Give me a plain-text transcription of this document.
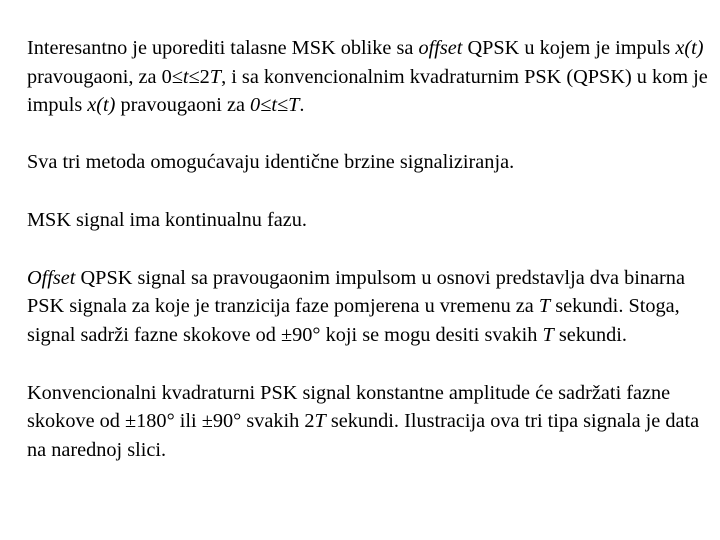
Interesantno je uporediti talasne MSK oblike sa offset QPSK u kojem je impuls x(t) pravougaoni, za 0≤t≤2T, i sa konvencionalnim kvadraturnim PSK (QPSK) u kom je impuls x(t) pravougaoni za 0≤t≤T.

Sva tri metoda omogućavaju identične brzine signaliziranja.

MSK signal ima kontinualnu fazu.

Offset QPSK signal sa pravougaonim impulsom u osnovi predstavlja dva binarna PSK signala za koje je tranzicija faze pomjerena u vremenu za T sekundi. Stoga, signal sadrži fazne skokove od ±90° koji se mogu desiti svakih T sekundi.

Konvencionalni kvadraturni PSK signal konstantne amplitude će sadržati fazne skokove od ±180° ili ±90° svakih 2T sekundi. Ilustracija ova tri tipa signala je data na narednoj slici.
